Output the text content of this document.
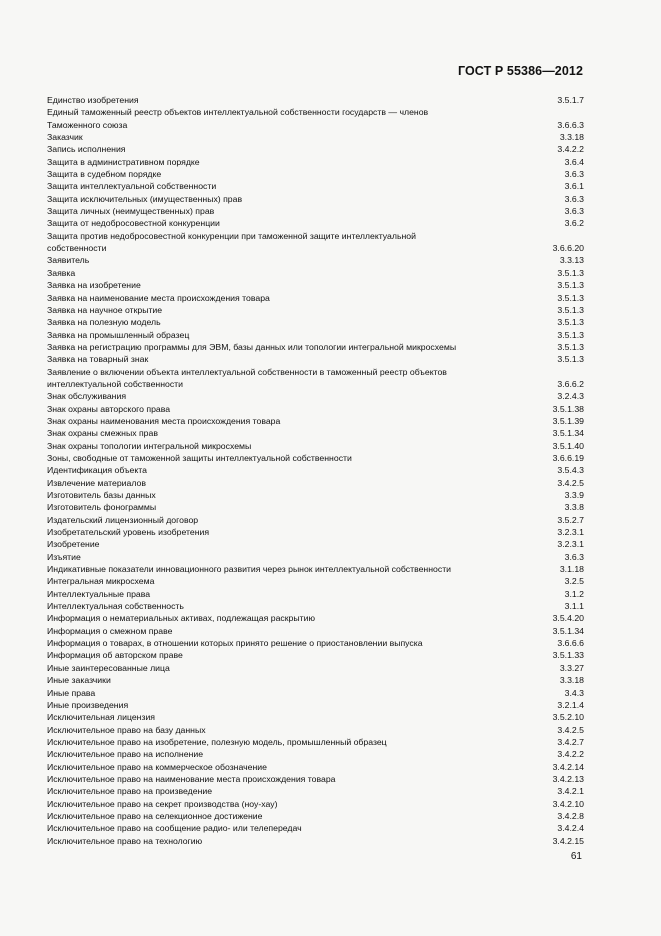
ГОСТ Р 55386—2012
Единство изобретения	3.5.1.7
Единый таможенный реестр объектов интеллектуальной собственности государств — членов
Таможенного союза	3.6.6.3
Заказчик	3.3.18
Запись исполнения	3.4.2.2
Защита в административном порядке	3.6.4
Защита в судебном порядке	3.6.3
Защита интеллектуальной собственности	3.6.1
Защита исключительных (имущественных) прав	3.6.3
Защита личных (неимущественных) прав	3.6.3
Защита от недобросовестной конкуренции	3.6.2
Защита против недобросовестной конкуренции при таможенной защите интеллектуальной
собственности	3.6.6.20
Заявитель	3.3.13
Заявка	3.5.1.3
Заявка на изобретение	3.5.1.3
Заявка на наименование места происхождения товара	3.5.1.3
Заявка на научное открытие	3.5.1.3
Заявка на полезную модель	3.5.1.3
Заявка на промышленный образец	3.5.1.3
Заявка на регистрацию программы для ЭВМ, базы данных или топологии интегральной микросхемы	3.5.1.3
Заявка на товарный знак	3.5.1.3
Заявление о включении объекта интеллектуальной собственности в таможенный реестр объектов
интеллектуальной собственности	3.6.6.2
Знак обслуживания	3.2.4.3
Знак охраны авторского права	3.5.1.38
Знак охраны наименования места происхождения товара	3.5.1.39
Знак охраны смежных прав	3.5.1.34
Знак охраны топологии интегральной микросхемы	3.5.1.40
Зоны, свободные от таможенной защиты интеллектуальной собственности	3.6.6.19
Идентификация объекта	3.5.4.3
Извлечение материалов	3.4.2.5
Изготовитель базы данных	3.3.9
Изготовитель фонограммы	3.3.8
Издательский лицензионный договор	3.5.2.7
Изобретательский уровень изобретения	3.2.3.1
Изобретение	3.2.3.1
Изъятие	3.6.3
Индикативные показатели инновационного развития через рынок интеллектуальной собственности	3.1.18
Интегральная микросхема	3.2.5
Интеллектуальные права	3.1.2
Интеллектуальная собственность	3.1.1
Информация о нематериальных активах, подлежащая раскрытию	3.5.4.20
Информация о смежном праве	3.5.1.34
Информация о товарах, в отношении которых принято решение о приостановлении выпуска	3.6.6.6
Информация об авторском праве	3.5.1.33
Иные заинтересованные лица	3.3.27
Иные заказчики	3.3.18
Иные права	3.4.3
Иные произведения	3.2.1.4
Исключительная лицензия	3.5.2.10
Исключительное право на базу данных	3.4.2.5
Исключительное право на изобретение, полезную модель, промышленный образец	3.4.2.7
Исключительное право на исполнение	3.4.2.2
Исключительное право на коммерческое обозначение	3.4.2.14
Исключительное право на наименование места происхождения товара	3.4.2.13
Исключительное право на произведение	3.4.2.1
Исключительное право на секрет производства (ноу-хау)	3.4.2.10
Исключительное право на селекционное достижение	3.4.2.8
Исключительное право на сообщение радио- или телепередач	3.4.2.4
Исключительное право на технологию	3.4.2.15
61
